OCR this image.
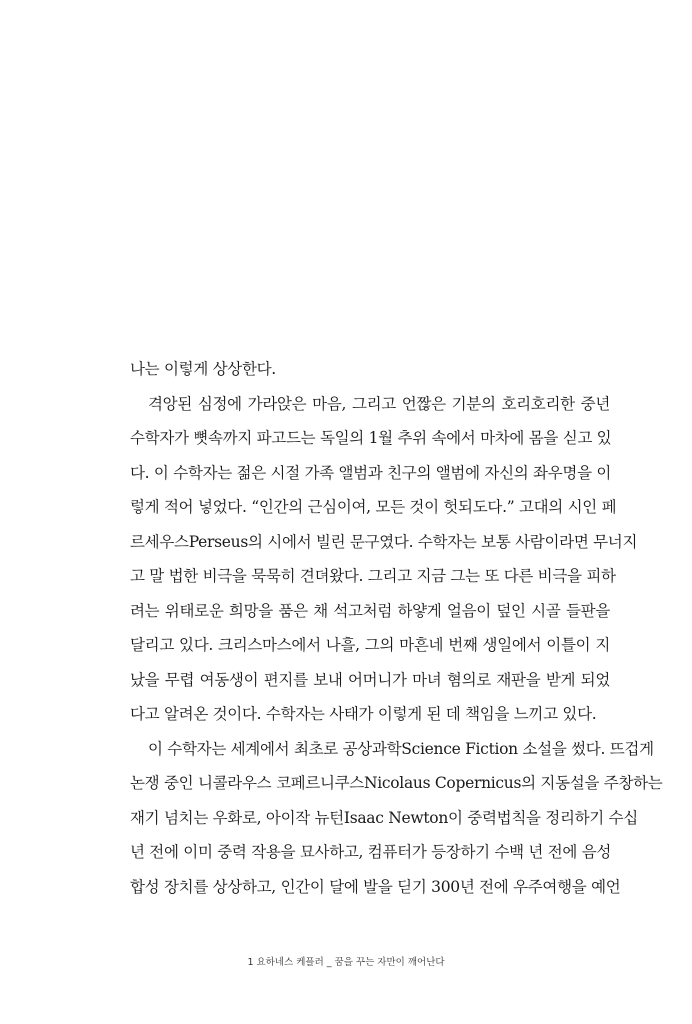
나는 이렇게 상상한다.
격앙된 심정에 가라앉은 마음, 그리고 언짢은 기분의 호리호리한 중년
수학자가 뼛속까지 파고드는 독일의 1월 추위 속에서 마차에 몸을 싣고 있
다. 이 수학자는 젊은 시절 가족 앨범과 친구의 앨범에 자신의 좌우명을 이
렇게 적어 넣었다. “인간의 근심이여, 모든 것이 헛되도다.” 고대의 시인 페
르세우스Perseus의 시에서 빌린 문구였다. 수학자는 보통 사람이라면 무너지
고 말 법한 비극을 묵묵히 견뎌왔다. 그리고 지금 그는 또 다른 비극을 피하
려는 위태로운 희망을 품은 채 석고처럼 하얗게 얼음이 덮인 시골 들판을
달리고 있다. 크리스마스에서 나흘, 그의 마흔네 번째 생일에서 이틀이 지
났을 무렵 여동생이 편지를 보내 어머니가 마녀 혐의로 재판을 받게 되었
다고 알려온 것이다. 수학자는 사태가 이렇게 된 데 책임을 느끼고 있다.
이 수학자는 세계에서 최초로 공상과학Science Fiction 소설을 썼다. 뜨겁게
논쟁 중인 니콜라우스 코페르니쿠스Nicolaus Copernicus의 지동설을 주창하는
재기 넘치는 우화로, 아이작 뉴턴Isaac Newton이 중력법칙을 정리하기 수십
년 전에 이미 중력 작용을 묘사하고, 컴퓨터가 등장하기 수백 년 전에 음성
합성 장치를 상상하고, 인간이 달에 발을 딛기 300년 전에 우주여행을 예언
1 요하네스 케플러 _ 꿈을 꾸는 자만이 깨어난다
